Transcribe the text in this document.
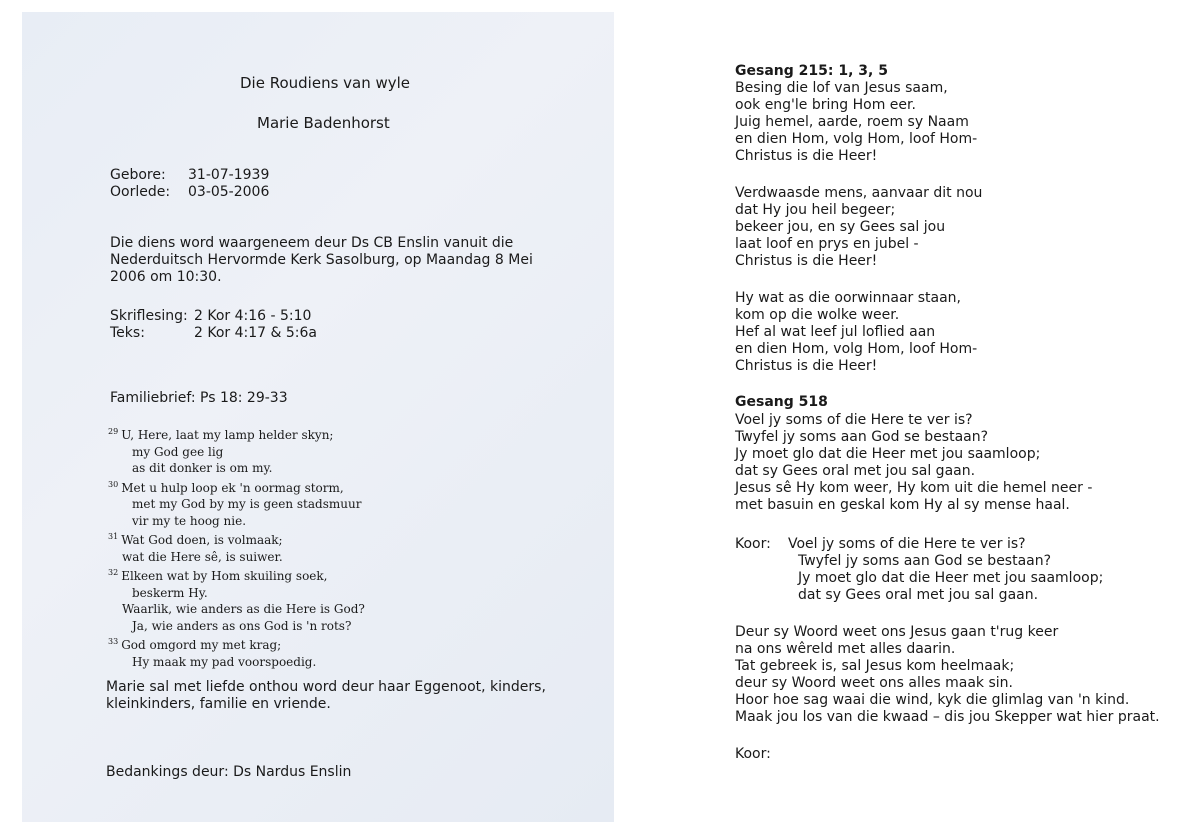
Die Roudiens van wyle
Marie Badenhorst
Gebore: 31-07-1939
Oorlede: 03-05-2006
Die diens word waargeneem deur Ds CB Enslin vanuit die
Nederduitsch Hervormde Kerk Sasolburg, op Maandag 8 Mei
2006 om 10:30.
Skriflesing: 2 Kor 4:16 - 5:10
Teks:	2 Kor 4:17 & 5:6a
Familiebrief: Ps 18: 29-33
$^{29}$ U, Here, laat my lamp helder skyn;
my God gee lig
as dit donker is om my.
$^{30}$ Met u hulp loop ek 'n oormag storm,
met my God by my is geen stadsmuur
vir my te hoog nie.
$^{31}$ Wat God doen, is volmaak;
wat die Here sê, is suiwer.
$^{32}$ Elkeen wat by Hom skuiling soek,
beskerm Hy.
Waarlik, wie anders as die Here is God?
Ja, wie anders as ons God is 'n rots?
$^{33}$ God omgord my met krag;
Hy maak my pad voorspoedig.
Marie sal met liefde onthou word deur haar Eggenoot, kinders,
kleinkinders, familie en vriende.
Bedankings deur: Ds Nardus Enslin
Gesang 215: 1, 3, 5
Besing die lof van Jesus saam,
ook eng'le bring Hom eer.
Juig hemel, aarde, roem sy Naam
en dien Hom, volg Hom, loof Hom-
Christus is die Heer!
Verdwaasde mens, aanvaar dit nou
dat Hy jou heil begeer;
bekeer jou, en sy Gees sal jou
laat loof en prys en jubel -
Christus is die Heer!
Hy wat as die oorwinnaar staan,
kom op die wolke weer.
Hef al wat leef jul loflied aan
en dien Hom, volg Hom, loof Hom-
Christus is die Heer!
Gesang 518
Voel jy soms of die Here te ver is?
Twyfel jy soms aan God se bestaan?
Jy moet glo dat die Heer met jou saamloop;
dat sy Gees oral met jou sal gaan.
Jesus sê Hy kom weer, Hy kom uit die hemel neer -
met basuin en geskal kom Hy al sy mense haal.
Koor: Voel jy soms of die Here te ver is?
Twyfel jy soms aan God se bestaan?
Jy moet glo dat die Heer met jou saamloop;
dat sy Gees oral met jou sal gaan.
Deur sy Woord weet ons Jesus gaan t'rug keer
na ons wêreld met alles daarin.
Tat gebreek is, sal Jesus kom heelmaak;
deur sy Woord weet ons alles maak sin.
Hoor hoe sag waai die wind, kyk die glimlag van 'n kind.
Maak jou los van die kwaad – dis jou Skepper wat hier praat.
Koor:
